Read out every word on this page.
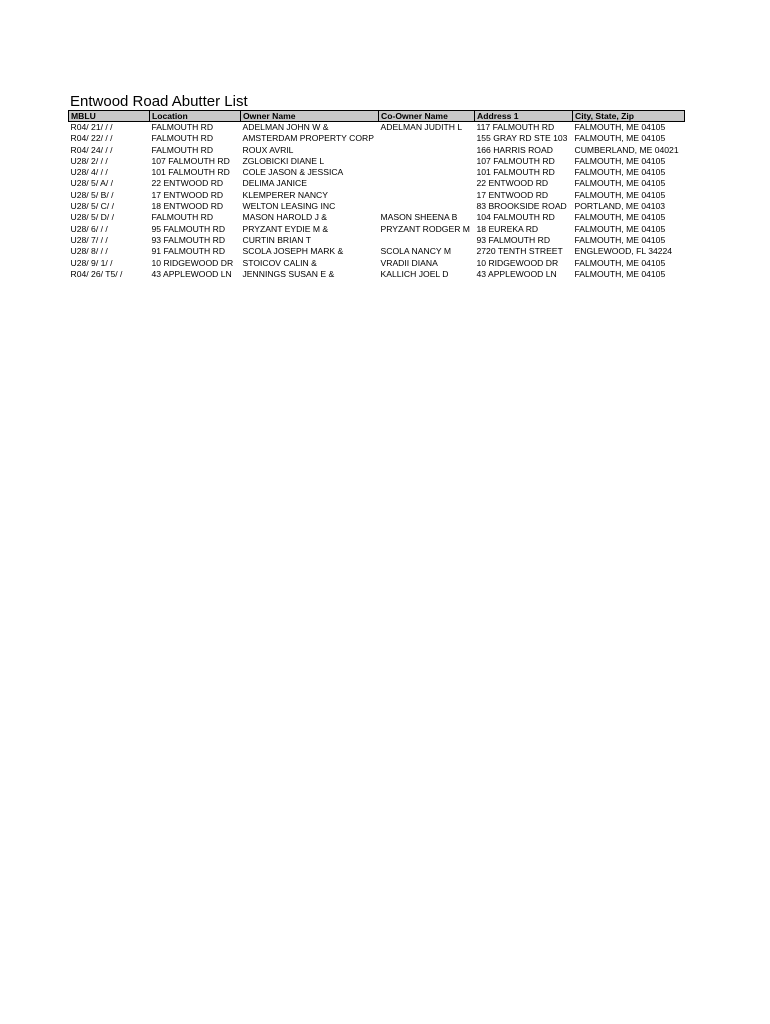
Entwood Road Abutter List
MBLU	Location	Owner Name	Co-Owner Name	Address 1	City, State, Zip
R04/ 21/ / /	FALMOUTH RD	ADELMAN JOHN W &	ADELMAN JUDITH L	117 FALMOUTH RD	FALMOUTH, ME 04105
R04/ 22/ / /	FALMOUTH RD	AMSTERDAM PROPERTY CORP		155 GRAY RD STE 103	FALMOUTH, ME 04105
R04/ 24/ / /	FALMOUTH RD	ROUX AVRIL		166 HARRIS ROAD	CUMBERLAND, ME 04021
U28/ 2/ / /	107 FALMOUTH RD	ZGLOBICKI DIANE L		107 FALMOUTH RD	FALMOUTH, ME 04105
U28/ 4/ / /	101 FALMOUTH RD	COLE JASON & JESSICA		101 FALMOUTH RD	FALMOUTH, ME 04105
U28/ 5/ A/ /	22 ENTWOOD RD	DELIMA JANICE		22 ENTWOOD RD	FALMOUTH, ME 04105
U28/ 5/ B/ /	17 ENTWOOD RD	KLEMPERER NANCY		17 ENTWOOD RD	FALMOUTH, ME 04105
U28/ 5/ C/ /	18 ENTWOOD RD	WELTON LEASING INC		83 BROOKSIDE ROAD	PORTLAND, ME 04103
U28/ 5/ D/ /	FALMOUTH RD	MASON HAROLD J &	MASON SHEENA B	104 FALMOUTH RD	FALMOUTH, ME 04105
U28/ 6/ / /	95 FALMOUTH RD	PRYZANT EYDIE M &	PRYZANT RODGER M	18 EUREKA RD	FALMOUTH, ME 04105
U28/ 7/ / /	93 FALMOUTH RD	CURTIN BRIAN T		93 FALMOUTH RD	FALMOUTH, ME 04105
U28/ 8/ / /	91 FALMOUTH RD	SCOLA JOSEPH MARK &	SCOLA NANCY M	2720 TENTH STREET	ENGLEWOOD, FL 34224
U28/ 9/ 1/ /	10 RIDGEWOOD DR	STOICOV CALIN &	VRADII DIANA	10 RIDGEWOOD DR	FALMOUTH, ME 04105
R04/ 26/ T5/ /	43 APPLEWOOD LN	JENNINGS SUSAN E &	KALLICH JOEL D	43 APPLEWOOD LN	FALMOUTH, ME 04105
